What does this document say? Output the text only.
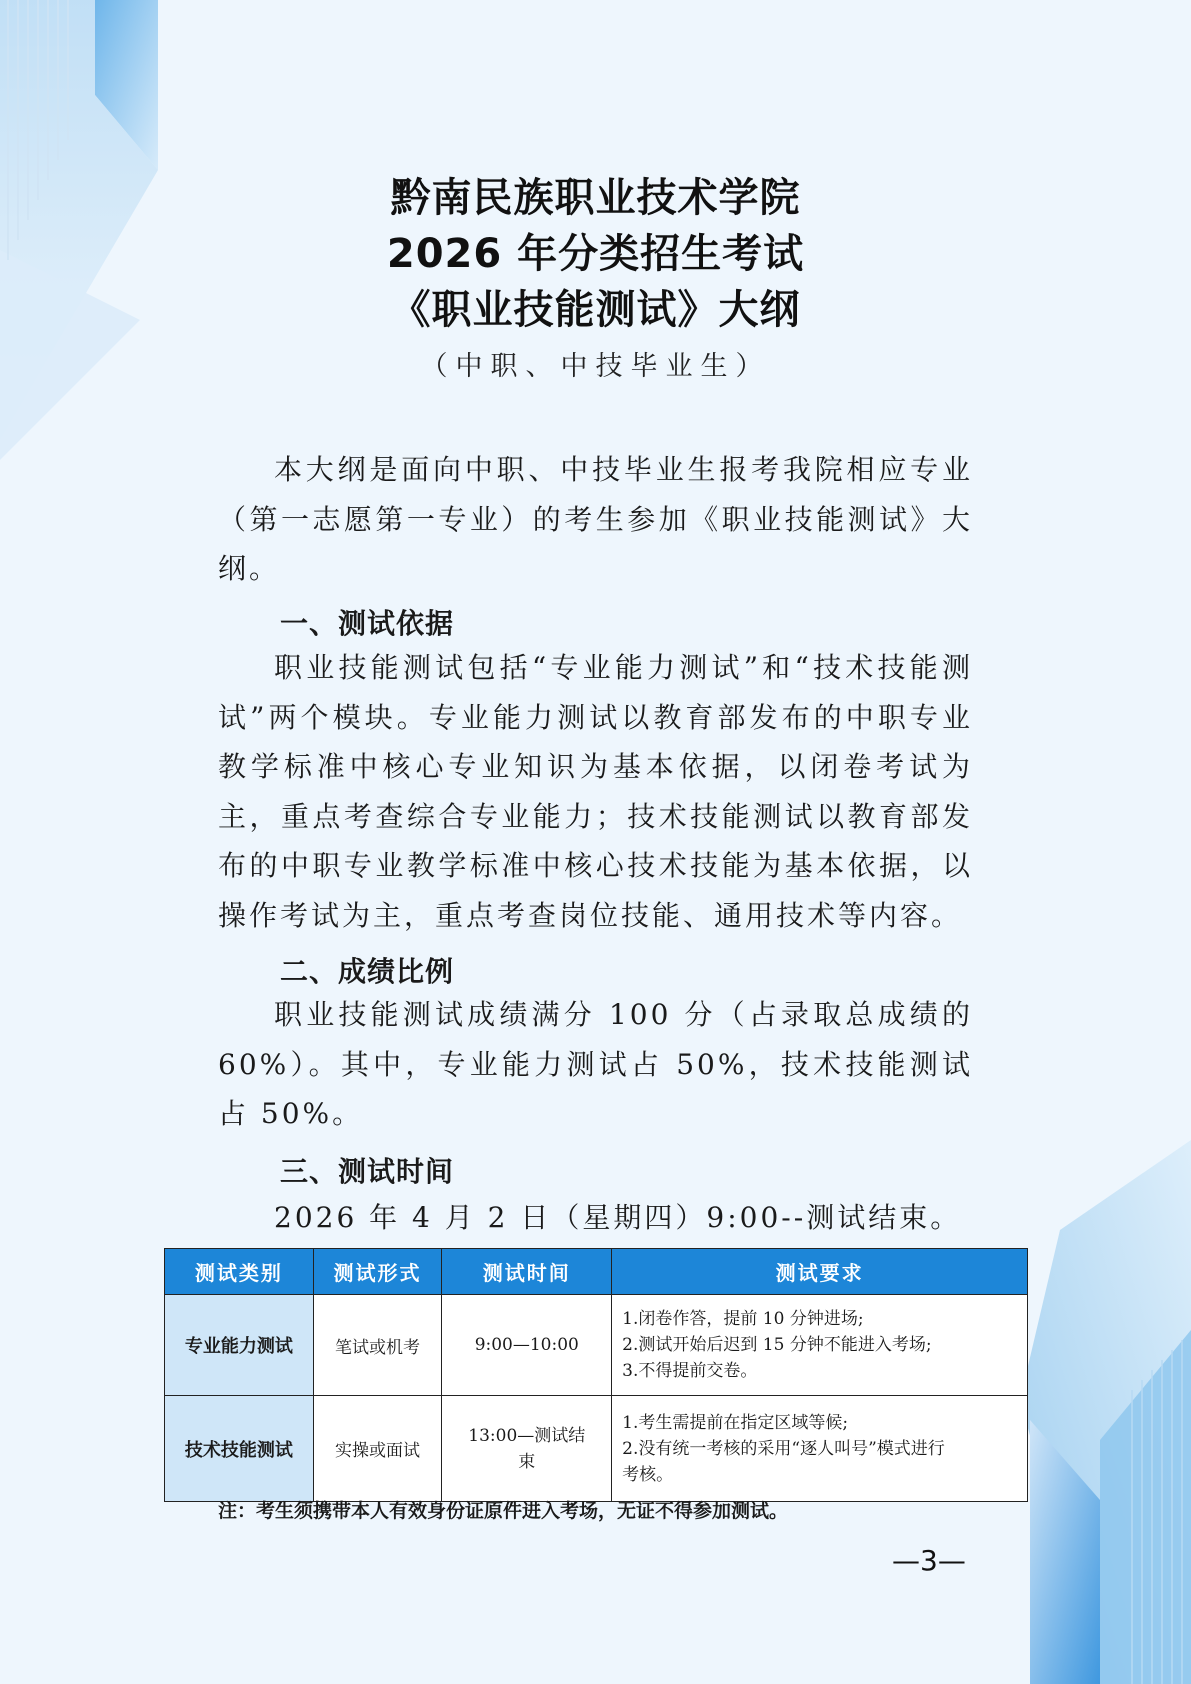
黔南民族职业技术学院
2026 年分类招生考试
《职业技能测试》大纲
（中职、中技毕业生）
本大纲是面向中职、中技毕业生报考我院相应专业（第一志愿第一专业）的考生参加《职业技能测试》大纲。
一、测试依据
职业技能测试包括“专业能力测试”和“技术技能测试”两个模块。专业能力测试以教育部发布的中职专业教学标准中核心专业知识为基本依据，以闭卷考试为主，重点考查综合专业能力；技术技能测试以教育部发布的中职专业教学标准中核心技术技能为基本依据，以操作考试为主，重点考查岗位技能、通用技术等内容。
二、成绩比例
职业技能测试成绩满分 100 分（占录取总成绩的 60%）。其中，专业能力测试占 50%，技术技能测试占 50%。
三、测试时间
2026 年 4 月 2 日（星期四）9:00--测试结束。
测试类别	测试形式	测试时间	测试要求
专业能力测试	笔试或机考	9:00—10:00	1.闭卷作答，提前 10 分钟进场;
2.测试开始后迟到 15 分钟不能进入考场;
3.不得提前交卷。

技术技能测试	实操或面试	13:00—测试结束	1.考生需提前在指定区域等候;
2.没有统一考核的采用“逐人叫号”模式进行
考核。
注：考生须携带本人有效身份证原件进入考场，无证不得参加测试。
—3—
